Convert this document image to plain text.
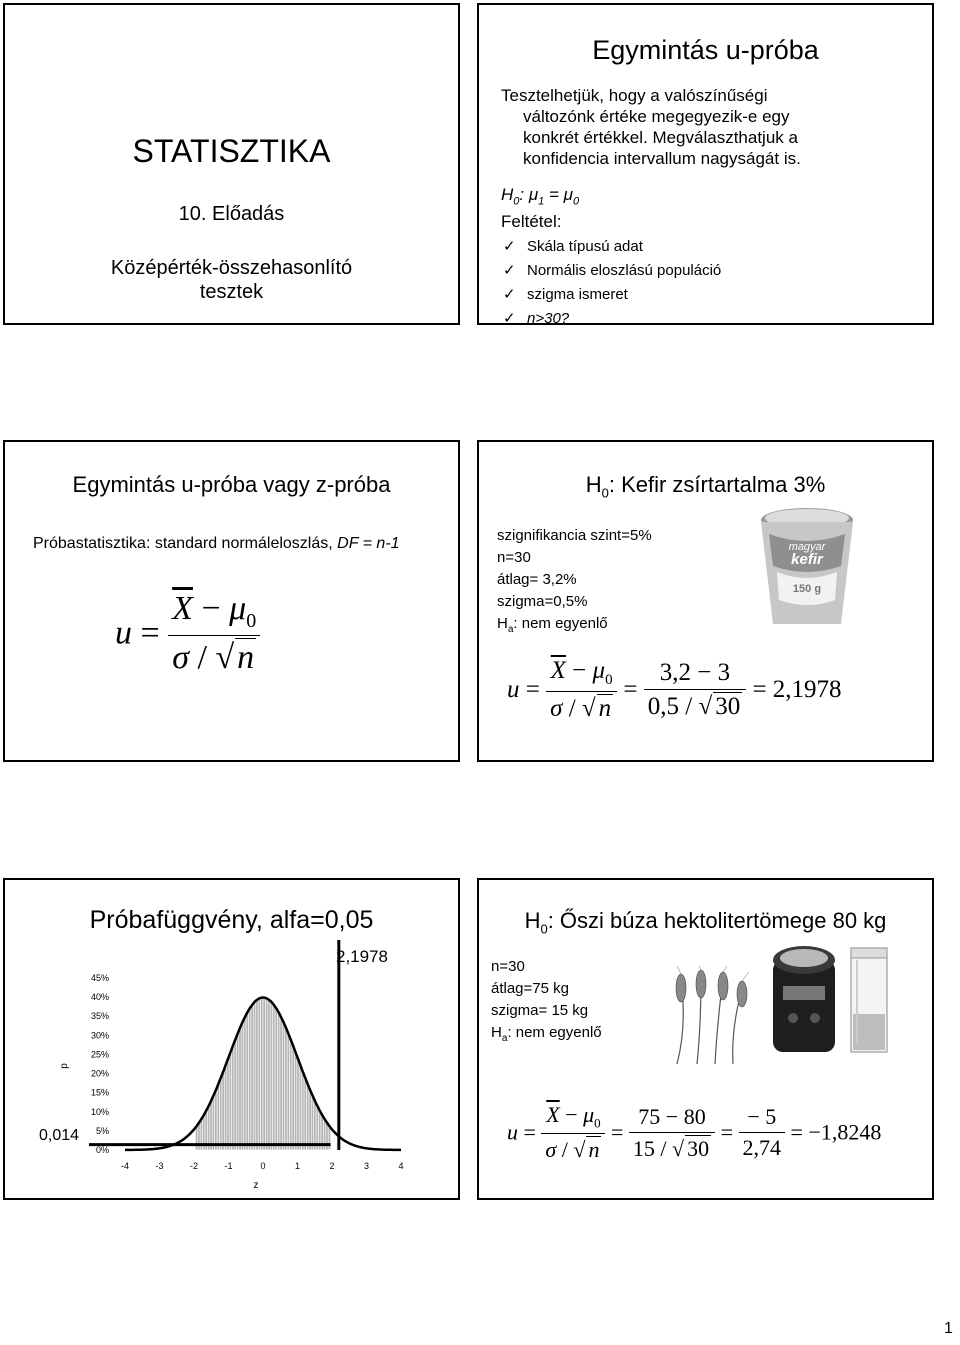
STATISZTIKA
10. Előadás
Középérték-összehasonlító
tesztek
Egymintás u-próba
Tesztelhetjük, hogy a valószínűségi
változónk értéke megegyezik-e egy
konkrét értékkel. Megválaszthatjuk a
konfidencia intervallum nagyságát is.
$H_0$: $\mu_1 = \mu_0$
Feltétel:
✓ Skála típusú adat
✓ Normális eloszlású populáció
✓ szigma ismeret
✓ n>30?
Egymintás u-próba vagy z-próba
Próbastatisztika: standard normáleloszlás, DF = n-1
$u = \frac{\overline{X} - \mu_0}{\sigma / √n}$
$H_0$: Kefir zsírtartalma 3%
szignifikancia szint=5%
n=30
átlag= 3,2%
szigma=0,5%
$H_a$: nem egyenlő
magyar
kefir
150 g
$u = \frac{\overline{X} - \mu_0}{\sigma / √ n} = \frac{3,2 - 3}{0,5 / √ 30} = 2,1978$
Próbafüggvény, alfa=0,05
45%
40%
35%
30%
25%
20%
15%
10%
5%
0%
-4	-3	-2	-1	0	1	2	3	4
2,1978
0,014
p
z
$H_0$: Őszi búza hektolitertömege 80 kg
n=30
átlag=75 kg
szigma= 15 kg
$H_a$: nem egyenlő
$u = \frac{\overline{X} - \mu_0}{\sigma / √ n} = \frac{75 - 80}{15 / √ 30} = \frac{- 5}{2,74} = -1,8248$
1
